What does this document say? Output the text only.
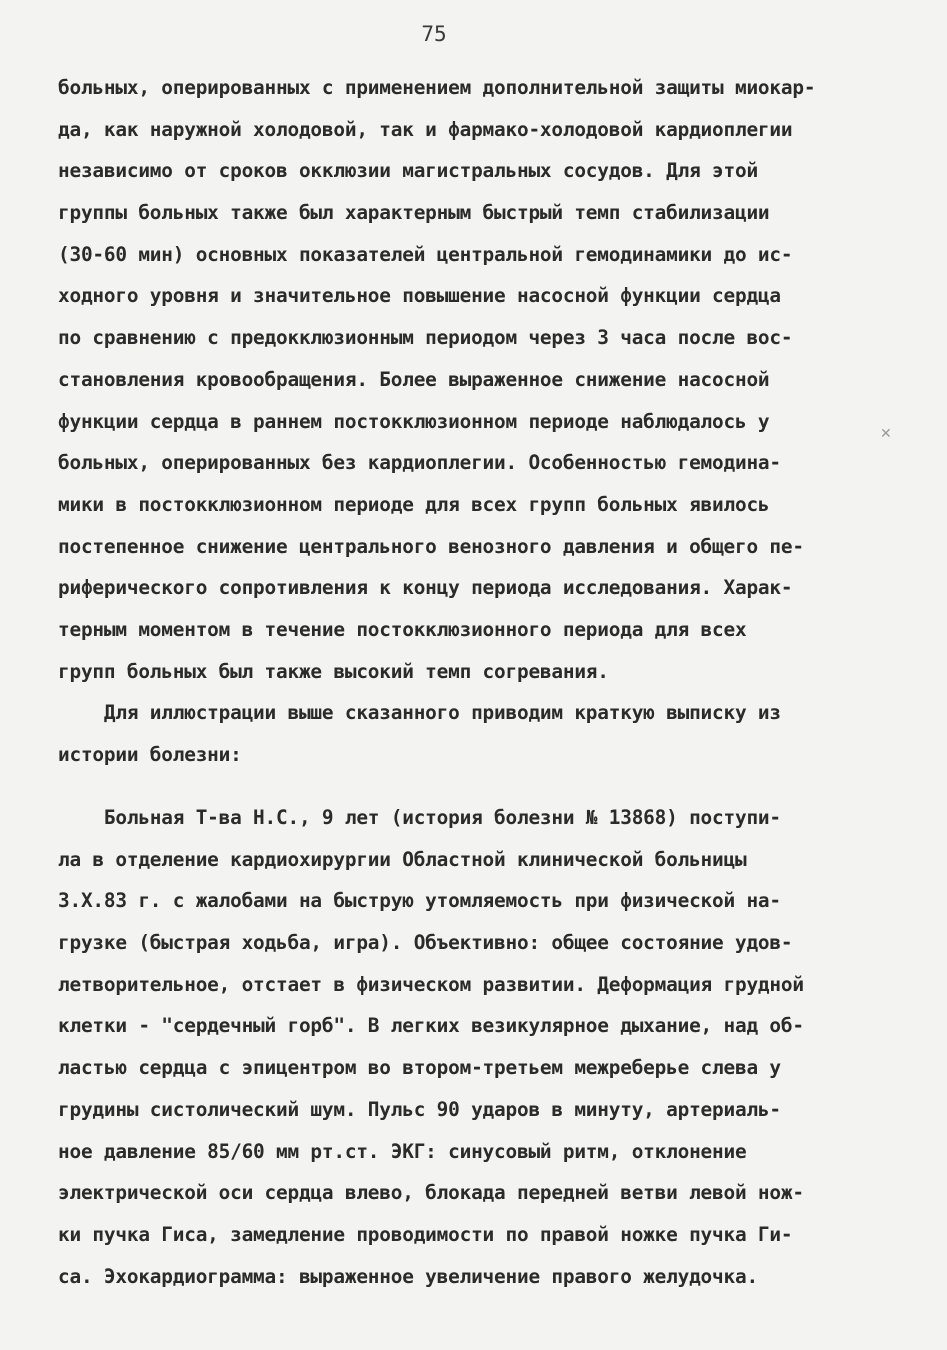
75
больных, оперированных с применением дополнительной защиты миокар-
да, как наружной холодовой, так и фармако-холодовой кардиоплегии
независимо от сроков окклюзии магистральных сосудов. Для этой
группы больных также был характерным быстрый темп стабилизации
(30-60 мин) основных показателей центральной гемодинамики до ис-
ходного уровня и значительное повышение насосной функции сердца
по сравнению с предокклюзионным периодом через 3 часа после вос-
становления кровообращения. Более выраженное снижение насосной
функции сердца в раннем постокклюзионном периоде наблюдалось у
больных, оперированных без кардиоплегии. Особенностью гемодина-
мики в постокклюзионном периоде для всех групп больных явилось
постепенное снижение центрального венозного давления и общего пе-
риферического сопротивления к концу периода исследования. Харак-
терным моментом в течение постокклюзионного периода для всех
групп больных был также высокий темп согревания.
Для иллюстрации выше сказанного приводим краткую выписку из
истории болезни:
Больная Т-ва Н.С., 9 лет (история болезни № 13868) поступи-
ла в отделение кардиохирургии Областной клинической больницы
3.Х.83 г. с жалобами на быструю утомляемость при физической на-
грузке (быстрая ходьба, игра). Объективно: общее состояние удов-
летворительное, отстает в физическом развитии. Деформация грудной
клетки - "сердечный горб". В легких везикулярное дыхание, над об-
ластью сердца с эпицентром во втором-третьем межреберье слева у
грудины систолический шум. Пульс 90 ударов в минуту, артериаль-
ное давление 85/60 мм рт.ст. ЭКГ: синусовый ритм, отклонение
электрической оси сердца влево, блокада передней ветви левой нож-
ки пучка Гиса, замедление проводимости по правой ножке пучка Ги-
са. Эхокардиограмма: выраженное увеличение правого желудочка.
✕
